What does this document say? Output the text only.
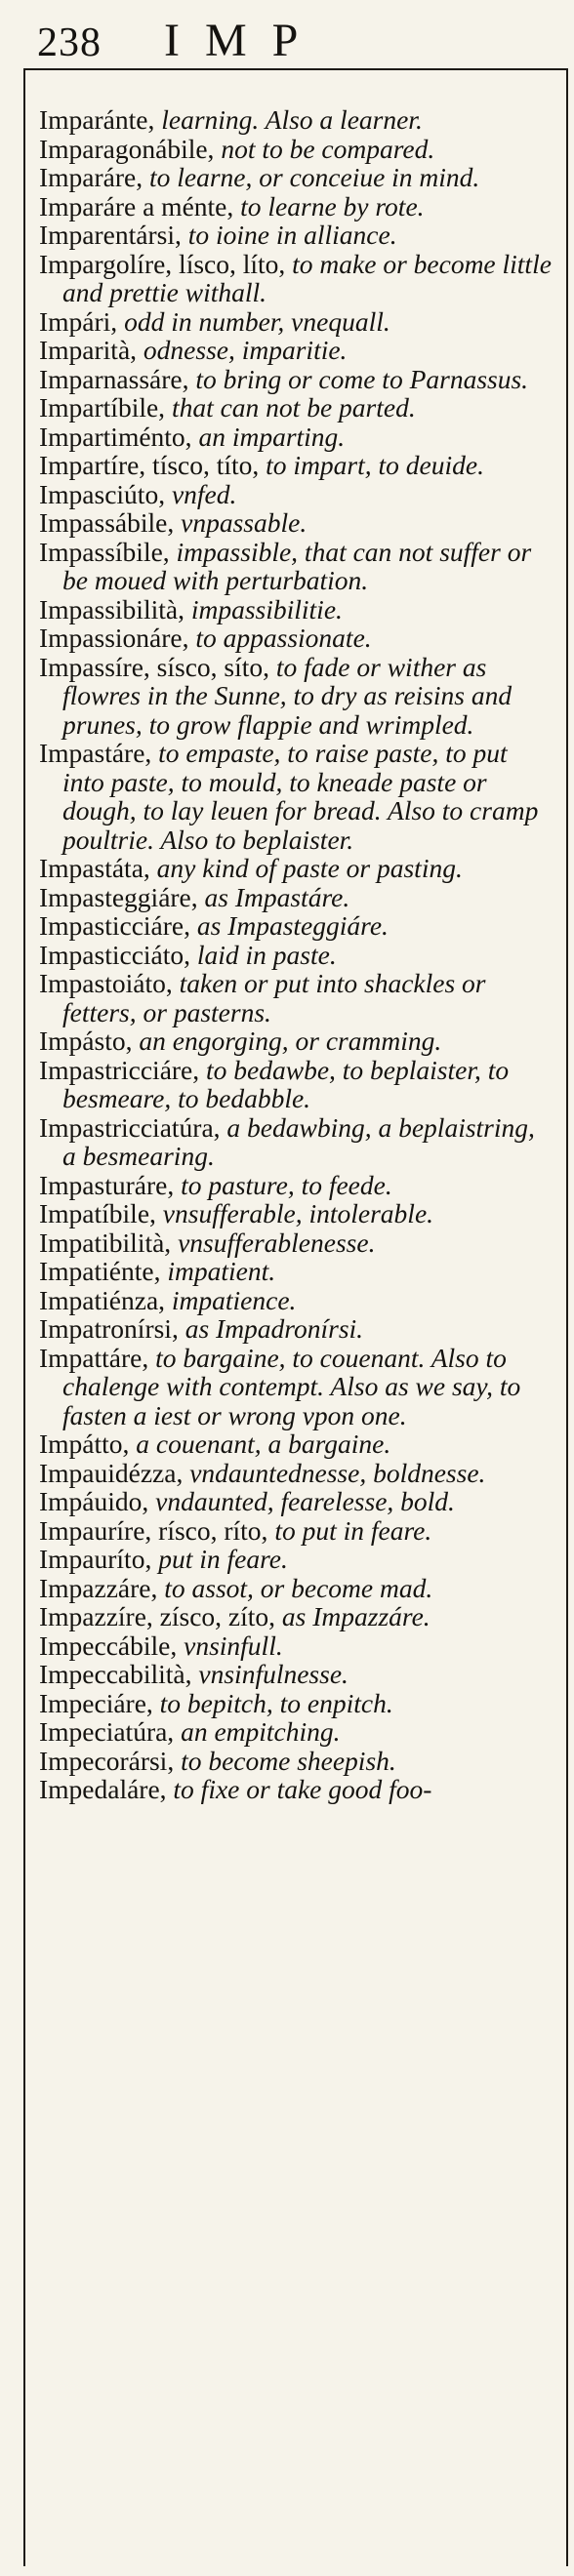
238 IMP

Imparánte, learning. Also a learner.

Imparagonábile, not to be compared.

Imparáre, to learne, or conceiue in mind.

Imparáre a ménte, to learne by rote.

Imparentársi, to ioine in alliance.

Impargolíre, lísco, líto, to make or become little and prettie withall.

Impári, odd in number, vnequall.

Imparità, odnesse, imparitie.

Imparnassáre, to bring or come to Parnassus.

Impartíbile, that can not be parted.

Impartiménto, an imparting.

Impartíre, tísco, títo, to impart, to deuide.

Impasciúto, vnfed.

Impassábile, vnpassable.

Impassíbile, impassible, that can not suffer or be moued with perturbation.

Impassibilità, impassibilitie.

Impassionáre, to appassionate.

Impassíre, sísco, síto, to fade or wither as flowres in the Sunne, to dry as reisins and prunes, to grow flappie and wrimpled.

Impastáre, to empaste, to raise paste, to put into paste, to mould, to kneade paste or dough, to lay leuen for bread. Also to cramp poultrie. Also to beplaister.

Impastáta, any kind of paste or pasting.

Impasteggiáre, as Impastáre.

Impasticciáre, as Impasteggiáre.

Impasticciáto, laid in paste.

Impastoiáto, taken or put into shackles or fetters, or pasterns.

Impásto, an engorging, or cramming.

Impastricciáre, to bedawbe, to beplaister, to besmeare, to bedabble.

Impastricciatúra, a bedawbing, a beplaistring, a besmearing.

Impasturáre, to pasture, to feede.

Impatíbile, vnsufferable, intolerable.

Impatibilità, vnsufferablenesse.

Impatiénte, impatient.

Impatiénza, impatience.

Impatronírsi, as Impadronírsi.

Impattáre, to bargaine, to couenant. Also to chalenge with contempt. Also as we say, to fasten a iest or wrong vpon one.

Impátto, a couenant, a bargaine.

Impauidézza, vndauntednesse, boldnesse.

Impáuido, vndaunted, fearelesse, bold.

Impauríre, rísco, ríto, to put in feare.

Impauríto, put in feare.

Impazzáre, to assot, or become mad.

Impazzíre, zísco, zíto, as Impazzáre.

Impeccábile, vnsinfull.

Impeccabilità, vnsinfulnesse.

Impeciáre, to bepitch, to enpitch.

Impeciatúra, an empitching.

Impecorársi, to become sheepish.

Impedaláre, to fixe or take good foo-
